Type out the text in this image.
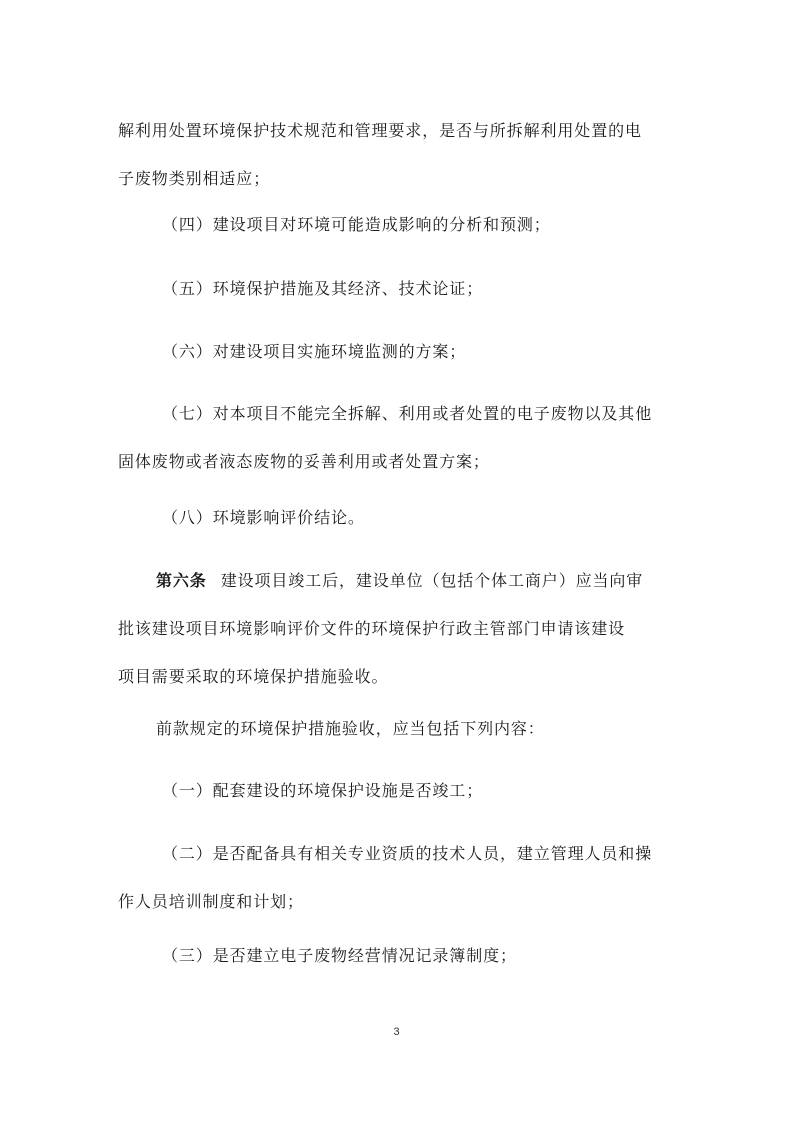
解利用处置环境保护技术规范和管理要求，是否与所拆解利用处置的电
子废物类别相适应；

（四）建设项目对环境可能造成影响的分析和预测；

（五）环境保护措施及其经济、技术论证；

（六）对建设项目实施环境监测的方案；

（七）对本项目不能完全拆解、利用或者处置的电子废物以及其他
固体废物或者液态废物的妥善利用或者处置方案；

（八）环境影响评价结论。

第六条 建设项目竣工后，建设单位（包括个体工商户）应当向审
批该建设项目环境影响评价文件的环境保护行政主管部门申请该建设
项目需要采取的环境保护措施验收。

前款规定的环境保护措施验收，应当包括下列内容：

（一）配套建设的环境保护设施是否竣工；

（二）是否配备具有相关专业资质的技术人员，建立管理人员和操
作人员培训制度和计划；

（三）是否建立电子废物经营情况记录簿制度；

3
